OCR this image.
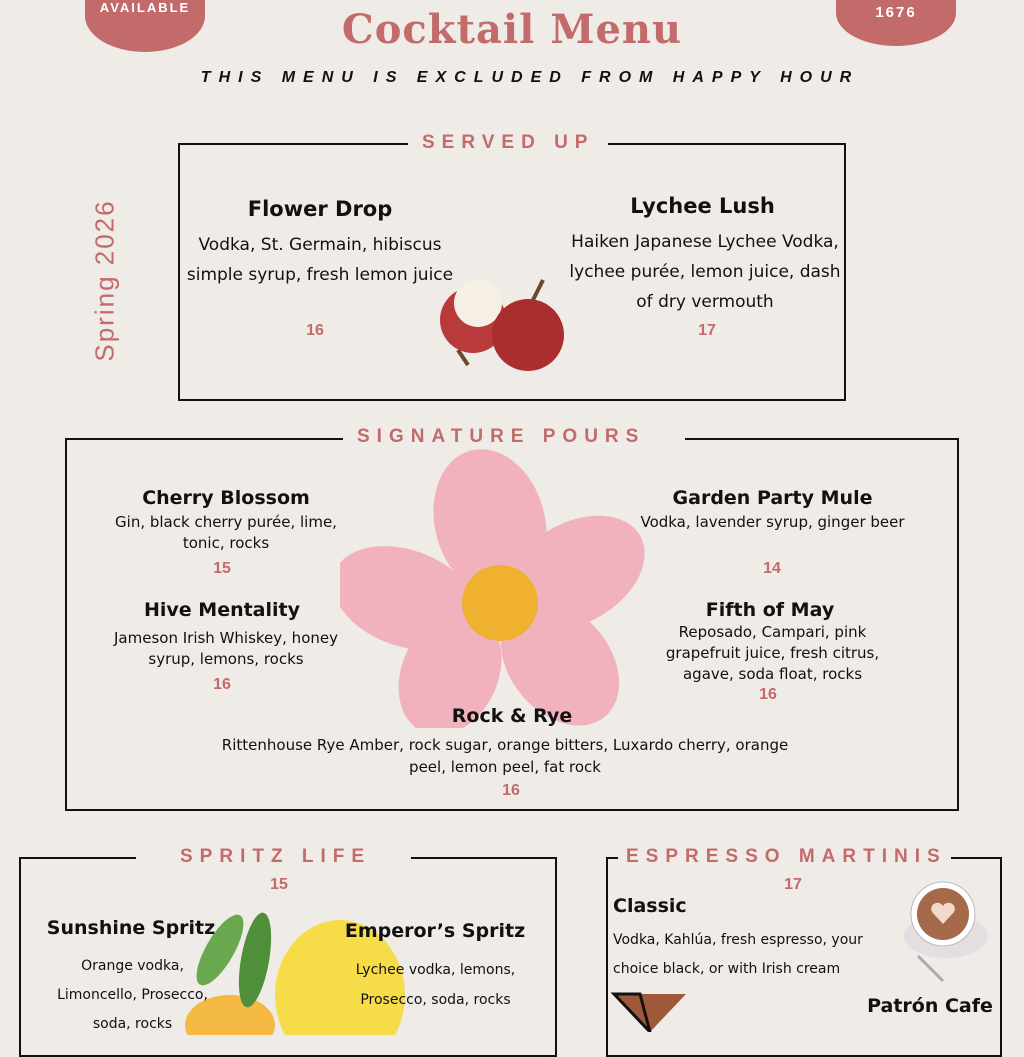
AVAILABLE	1676
Cocktail Menu
THIS MENU IS EXCLUDED FROM HAPPY HOUR
Spring 2026
SERVED UP
Flower Drop
Vodka, St. Germain, hibiscus simple syrup, fresh lemon juice
16
Lychee Lush
Haiken Japanese Lychee Vodka, lychee purée, lemon juice, dash of dry vermouth
17
SIGNATURE POURS
Cherry Blossom
Gin, black cherry purée, lime, tonic, rocks
15
Garden Party Mule
Vodka, lavender syrup, ginger beer
14
Hive Mentality
Jameson Irish Whiskey, honey syrup, lemons, rocks
16
Fifth of May
Reposado, Campari, pink grapefruit juice, fresh citrus, agave, soda float, rocks
16
Rock & Rye
Rittenhouse Rye Amber, rock sugar, orange bitters, Luxardo cherry, orange peel, lemon peel, fat rock
16
SPRITZ LIFE
15
Sunshine Spritz
Orange vodka, Limoncello, Prosecco, soda, rocks
Emperor’s Spritz
Lychee vodka, lemons, Prosecco, soda, rocks
ESPRESSO MARTINIS
17
Classic
Vodka, Kahlúa, fresh espresso, your choice black, or with Irish cream
Patrón Cafe
